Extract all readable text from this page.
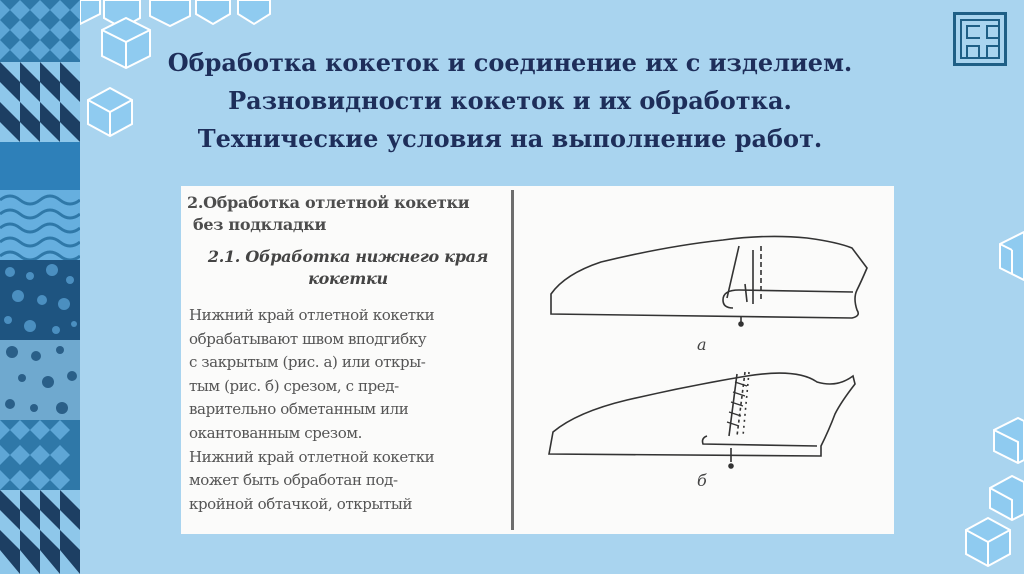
Обработка кокеток и соединение их с изделием.
Разновидности кокеток и их обработка.
Технические условия на выполнение работ.
2.Обработка отлетной кокетки
без подкладки
2.1. Обработка нижнего края
кокетки
Нижний край отлетной кокетки
обрабатывают швом вподгибку
с закрытым (рис. а) или откры-
тым (рис. б) срезом, с пред-
варительно обметанным или
окантованным срезом.
Нижний край отлетной кокетки
может быть обработан под-
кройной обтачкой, открытый
а
б
